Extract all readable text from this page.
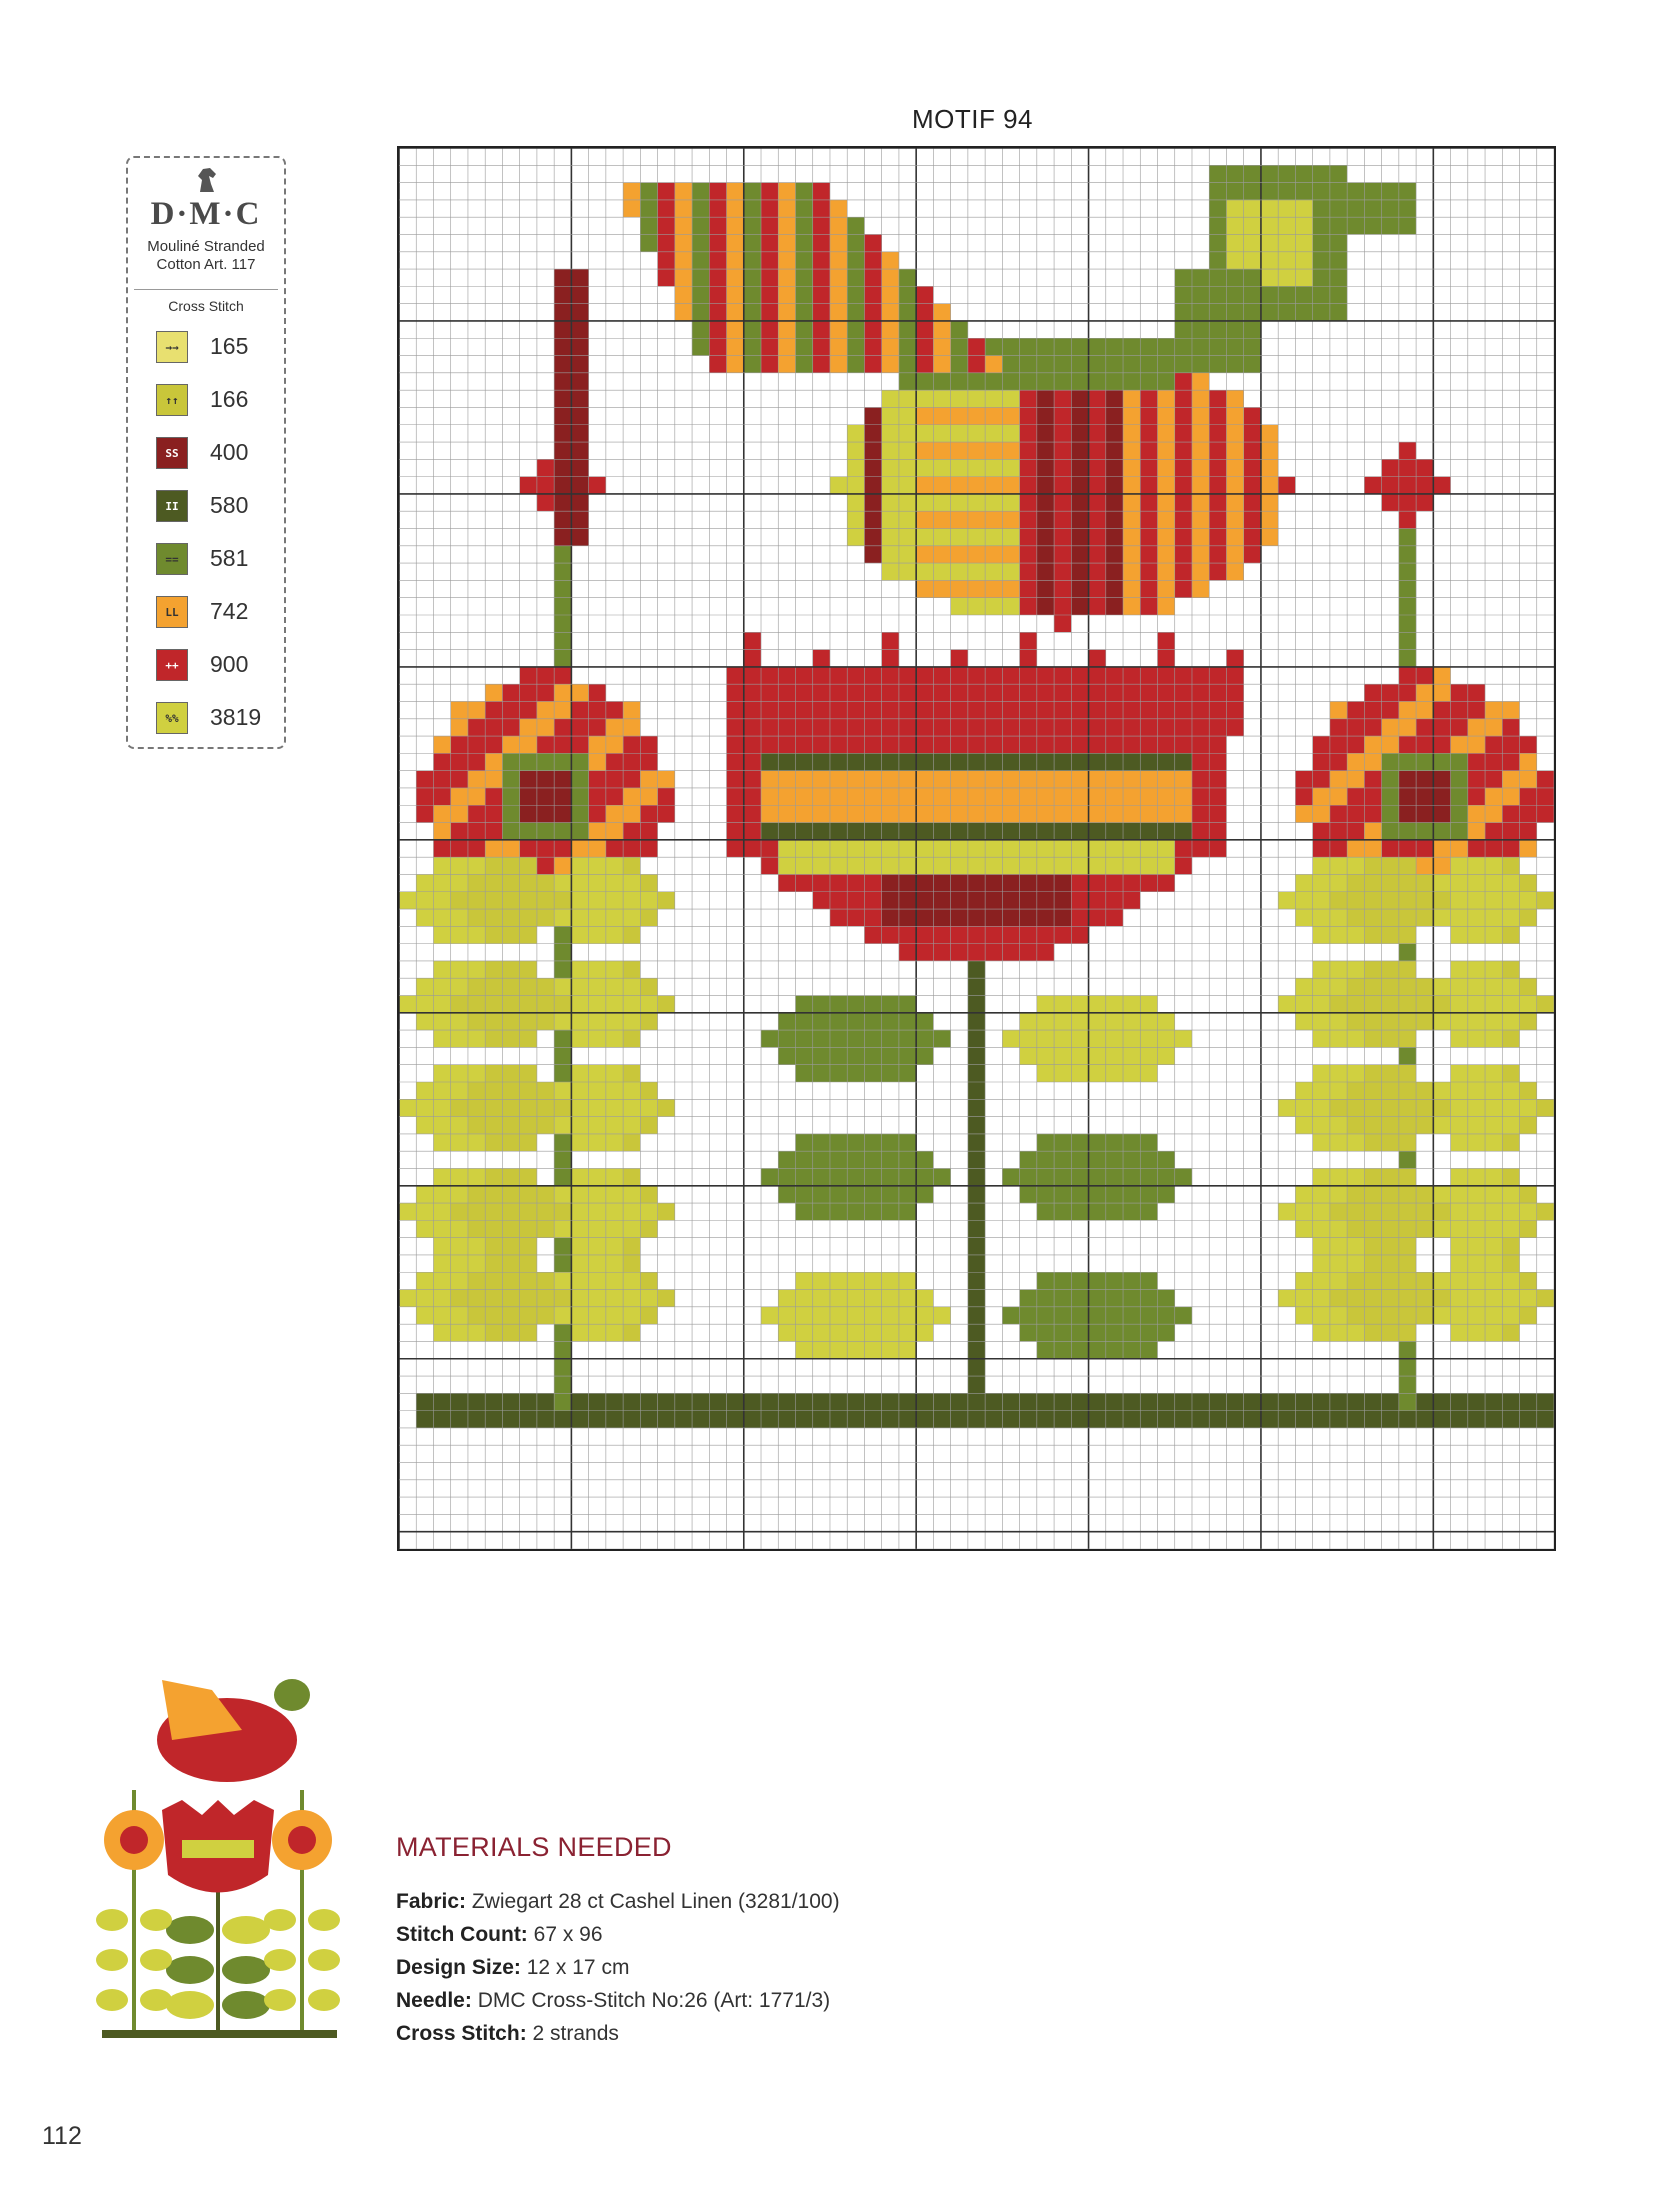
MOTIF 94
D·M·C
Mouliné Stranded
Cotton Art. 117
Cross Stitch
→→	165
↑↑	166
SS	400
II	580
==	581
LL	742
++	900
%%	3819
MATERIALS NEEDED
Fabric: Zwiegart 28 ct Cashel Linen (3281/100)
Stitch Count: 67 x 96
Design Size: 12 x 17 cm
Needle: DMC Cross-Stitch No:26 (Art: 1771/3)
Cross Stitch: 2 strands
112
